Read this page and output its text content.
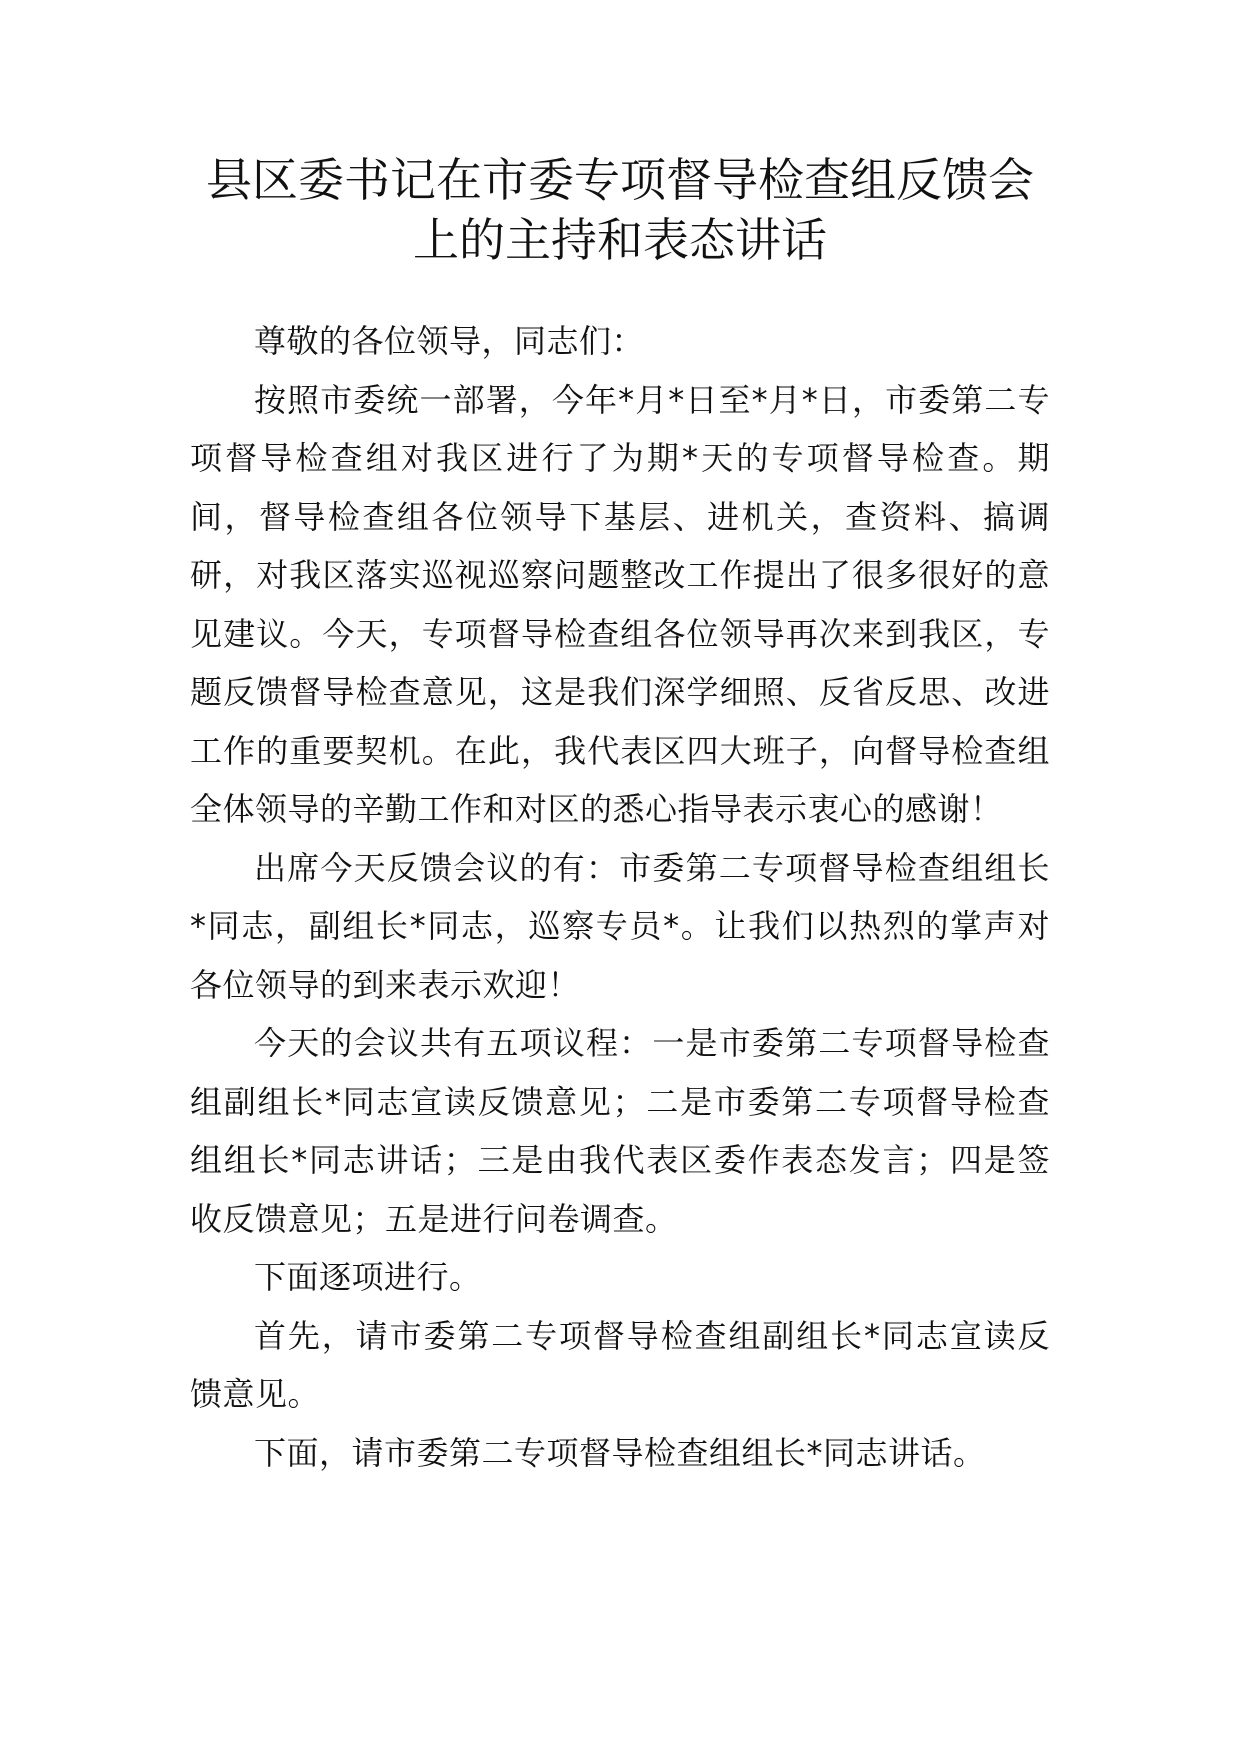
县区委书记在市委专项督导检查组反馈会上的主持和表态讲话

尊敬的各位领导，同志们：

按照市委统一部署，今年*月*日至*月*日，市委第二专项督导检查组对我区进行了为期*天的专项督导检查。期间，督导检查组各位领导下基层、进机关，查资料、搞调研，对我区落实巡视巡察问题整改工作提出了很多很好的意见建议。今天，专项督导检查组各位领导再次来到我区，专题反馈督导检查意见，这是我们深学细照、反省反思、改进工作的重要契机。在此，我代表区四大班子，向督导检查组全体领导的辛勤工作和对区的悉心指导表示衷心的感谢！

出席今天反馈会议的有：市委第二专项督导检查组组长*同志，副组长*同志，巡察专员*。让我们以热烈的掌声对各位领导的到来表示欢迎！

今天的会议共有五项议程：一是市委第二专项督导检查组副组长*同志宣读反馈意见；二是市委第二专项督导检查组组长*同志讲话；三是由我代表区委作表态发言；四是签收反馈意见；五是进行问卷调查。

下面逐项进行。

首先，请市委第二专项督导检查组副组长*同志宣读反馈意见。

下面，请市委第二专项督导检查组组长*同志讲话。
